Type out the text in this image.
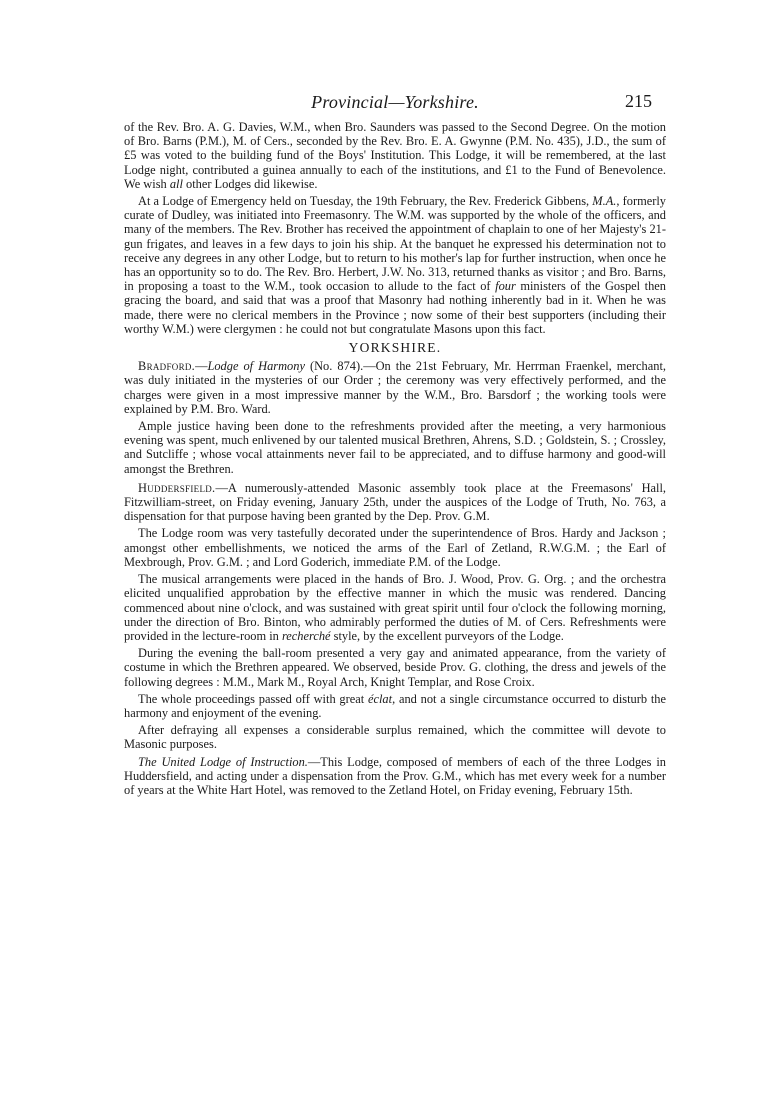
Provincial—Yorkshire.	215

of the Rev. Bro. A. G. Davies, W.M., when Bro. Saunders was passed to the Second Degree. On the motion of Bro. Barns (P.M.), M. of Cers., seconded by the Rev. Bro. E. A. Gwynne (P.M. No. 435), J.D., the sum of £5 was voted to the building fund of the Boys' Institution. This Lodge, it will be remembered, at the last Lodge night, contributed a guinea annually to each of the institutions, and £1 to the Fund of Benevolence. We wish all other Lodges did likewise.

At a Lodge of Emergency held on Tuesday, the 19th February, the Rev. Frederick Gibbens, M.A., formerly curate of Dudley, was initiated into Freemasonry. The W.M. was supported by the whole of the officers, and many of the members. The Rev. Brother has received the appointment of chaplain to one of her Majesty's 21-gun frigates, and leaves in a few days to join his ship. At the banquet he expressed his determination not to receive any degrees in any other Lodge, but to return to his mother's lap for further instruction, when once he has an opportunity so to do. The Rev. Bro. Herbert, J.W. No. 313, returned thanks as visitor ; and Bro. Barns, in proposing a toast to the W.M., took occasion to allude to the fact of four ministers of the Gospel then gracing the board, and said that was a proof that Masonry had nothing inherently bad in it. When he was made, there were no clerical members in the Province ; now some of their best supporters (including their worthy W.M.) were clergymen : he could not but congratulate Masons upon this fact.

YORKSHIRE.

Bradford.—Lodge of Harmony (No. 874).—On the 21st February, Mr. Herrman Fraenkel, merchant, was duly initiated in the mysteries of our Order ; the ceremony was very effectively performed, and the charges were given in a most impressive manner by the W.M., Bro. Barsdorf ; the working tools were explained by P.M. Bro. Ward.

Ample justice having been done to the refreshments provided after the meeting, a very harmonious evening was spent, much enlivened by our talented musical Brethren, Ahrens, S.D. ; Goldstein, S. ; Crossley, and Sutcliffe ; whose vocal attainments never fail to be appreciated, and to diffuse harmony and good-will amongst the Brethren.

Huddersfield.—A numerously-attended Masonic assembly took place at the Freemasons' Hall, Fitzwilliam-street, on Friday evening, January 25th, under the auspices of the Lodge of Truth, No. 763, a dispensation for that purpose having been granted by the Dep. Prov. G.M.

The Lodge room was very tastefully decorated under the superintendence of Bros. Hardy and Jackson ; amongst other embellishments, we noticed the arms of the Earl of Zetland, R.W.G.M. ; the Earl of Mexbrough, Prov. G.M. ; and Lord Goderich, immediate P.M. of the Lodge.

The musical arrangements were placed in the hands of Bro. J. Wood, Prov. G. Org. ; and the orchestra elicited unqualified approbation by the effective manner in which the music was rendered. Dancing commenced about nine o'clock, and was sustained with great spirit until four o'clock the following morning, under the direction of Bro. Binton, who admirably performed the duties of M. of Cers. Refreshments were provided in the lecture-room in recherché style, by the excellent purveyors of the Lodge.

During the evening the ball-room presented a very gay and animated appearance, from the variety of costume in which the Brethren appeared. We observed, beside Prov. G. clothing, the dress and jewels of the following degrees : M.M., Mark M., Royal Arch, Knight Templar, and Rose Croix.

The whole proceedings passed off with great éclat, and not a single circumstance occurred to disturb the harmony and enjoyment of the evening.

After defraying all expenses a considerable surplus remained, which the committee will devote to Masonic purposes.

The United Lodge of Instruction.—This Lodge, composed of members of each of the three Lodges in Huddersfield, and acting under a dispensation from the Prov. G.M., which has met every week for a number of years at the White Hart Hotel, was removed to the Zetland Hotel, on Friday evening, February 15th.
